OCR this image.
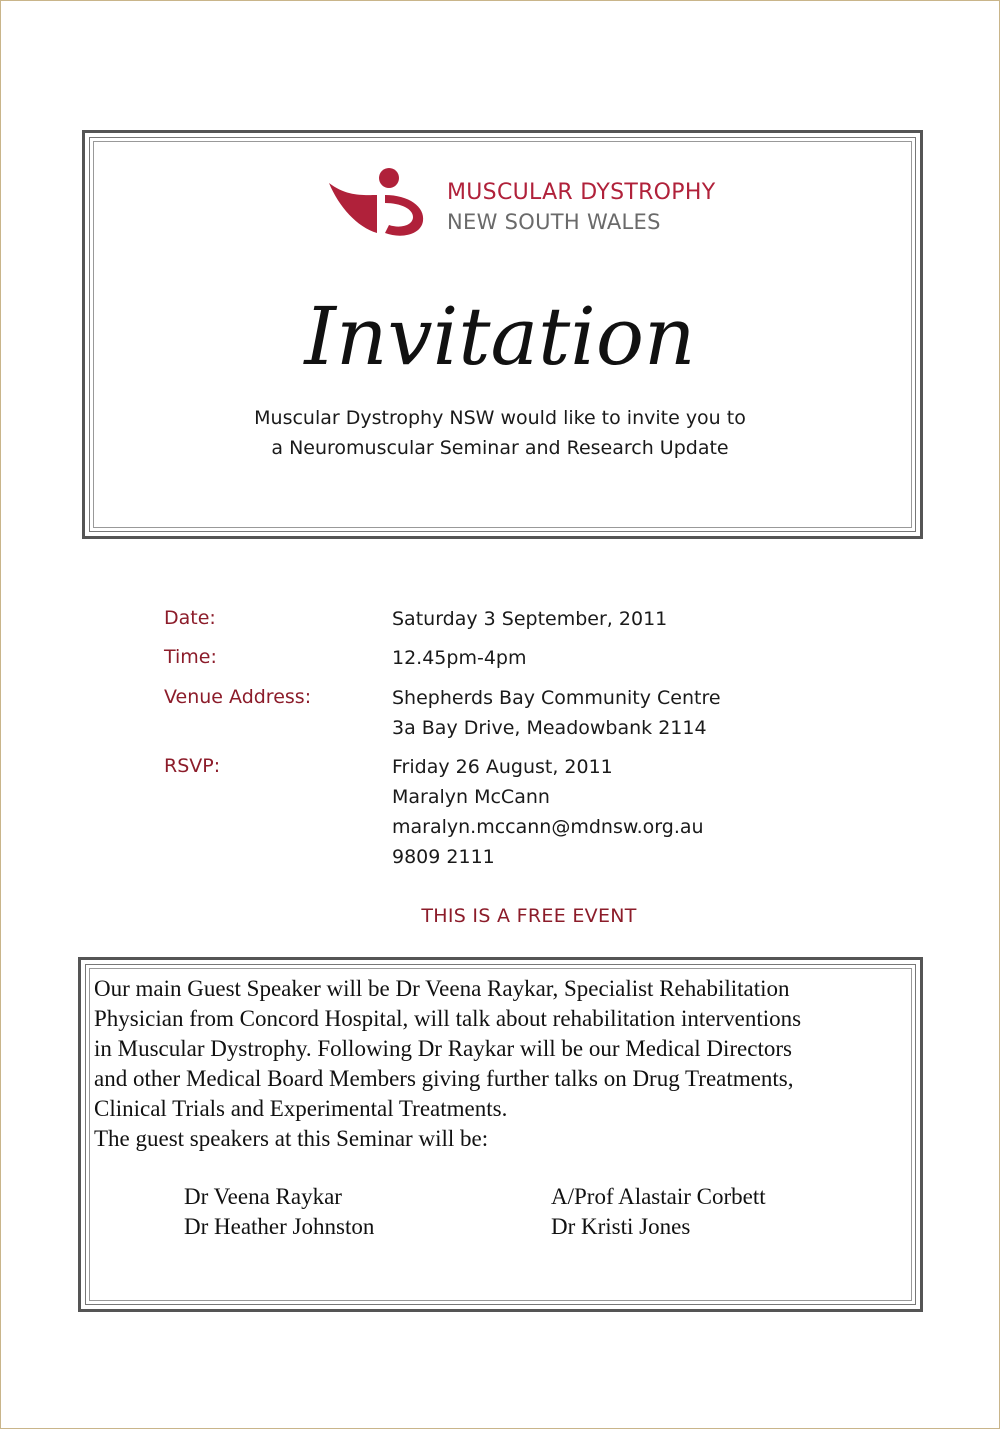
MUSCULAR DYSTROPHY
NEW SOUTH WALES
Invitation
Muscular Dystrophy NSW would like to invite you to
a Neuromuscular Seminar and Research Update
Date:	Saturday 3 September, 2011
Time:	12.45pm-4pm
Venue Address:	Shepherds Bay Community Centre
3a Bay Drive, Meadowbank 2114
RSVP:	Friday 26 August, 2011
Maralyn McCann
maralyn.mccann@mdnsw.org.au
9809 2111
THIS IS A FREE EVENT
Our main Guest Speaker will be Dr Veena Raykar, Specialist Rehabilitation
Physician from Concord Hospital, will talk about rehabilitation interventions
in Muscular Dystrophy. Following Dr Raykar will be our Medical Directors
and other Medical Board Members giving further talks on Drug Treatments,
Clinical Trials and Experimental Treatments.
The guest speakers at this Seminar will be:
Dr Veena Raykar
Dr Heather Johnston
A/Prof Alastair Corbett
Dr Kristi Jones
